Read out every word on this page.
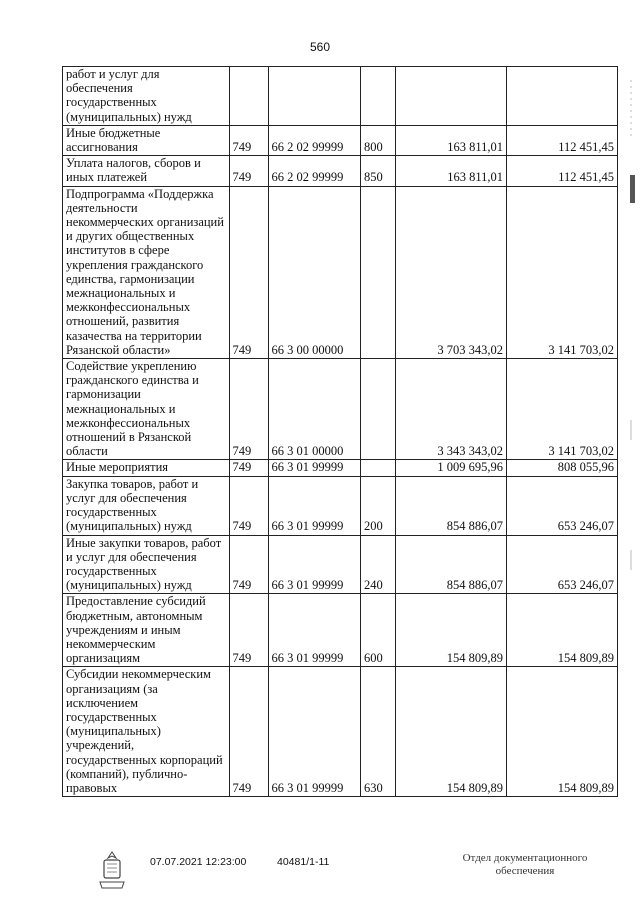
560
работ и услуг для обеспечения государственных (муниципальных) нужд					
Иные бюджетные ассигнования	749	66 2 02 99999	800	163 811,01	112 451,45
Уплата налогов, сборов и иных платежей	749	66 2 02 99999	850	163 811,01	112 451,45
Подпрограмма «Поддержка деятельности некоммерческих организаций и других общественных институтов в сфере укрепления гражданского единства, гармонизации межнациональных и межконфессиональных отношений, развития казачества на территории Рязанской области»	749	66 3 00 00000		3 703 343,02	3 141 703,02
Содействие укреплению гражданского единства и гармонизации межнациональных и межконфессиональных отношений в Рязанской области	749	66 3 01 00000		3 343 343,02	3 141 703,02
Иные мероприятия	749	66 3 01 99999		1 009 695,96	808 055,96
Закупка товаров, работ и услуг для обеспечения государственных (муниципальных) нужд	749	66 3 01 99999	200	854 886,07	653 246,07
Иные закупки товаров, работ и услуг для обеспечения государственных (муниципальных) нужд	749	66 3 01 99999	240	854 886,07	653 246,07
Предоставление субсидий бюджетным, автономным учреждениям и иным некоммерческим организациям	749	66 3 01 99999	600	154 809,89	154 809,89
Субсидии некоммерческим организациям (за исключением государственных (муниципальных) учреждений, государственных корпораций (компаний), публично-правовых	749	66 3 01 99999	630	154 809,89	154 809,89
07.07.2021 12:23:00	40481/1-11	Отдел документационного обеспечения
